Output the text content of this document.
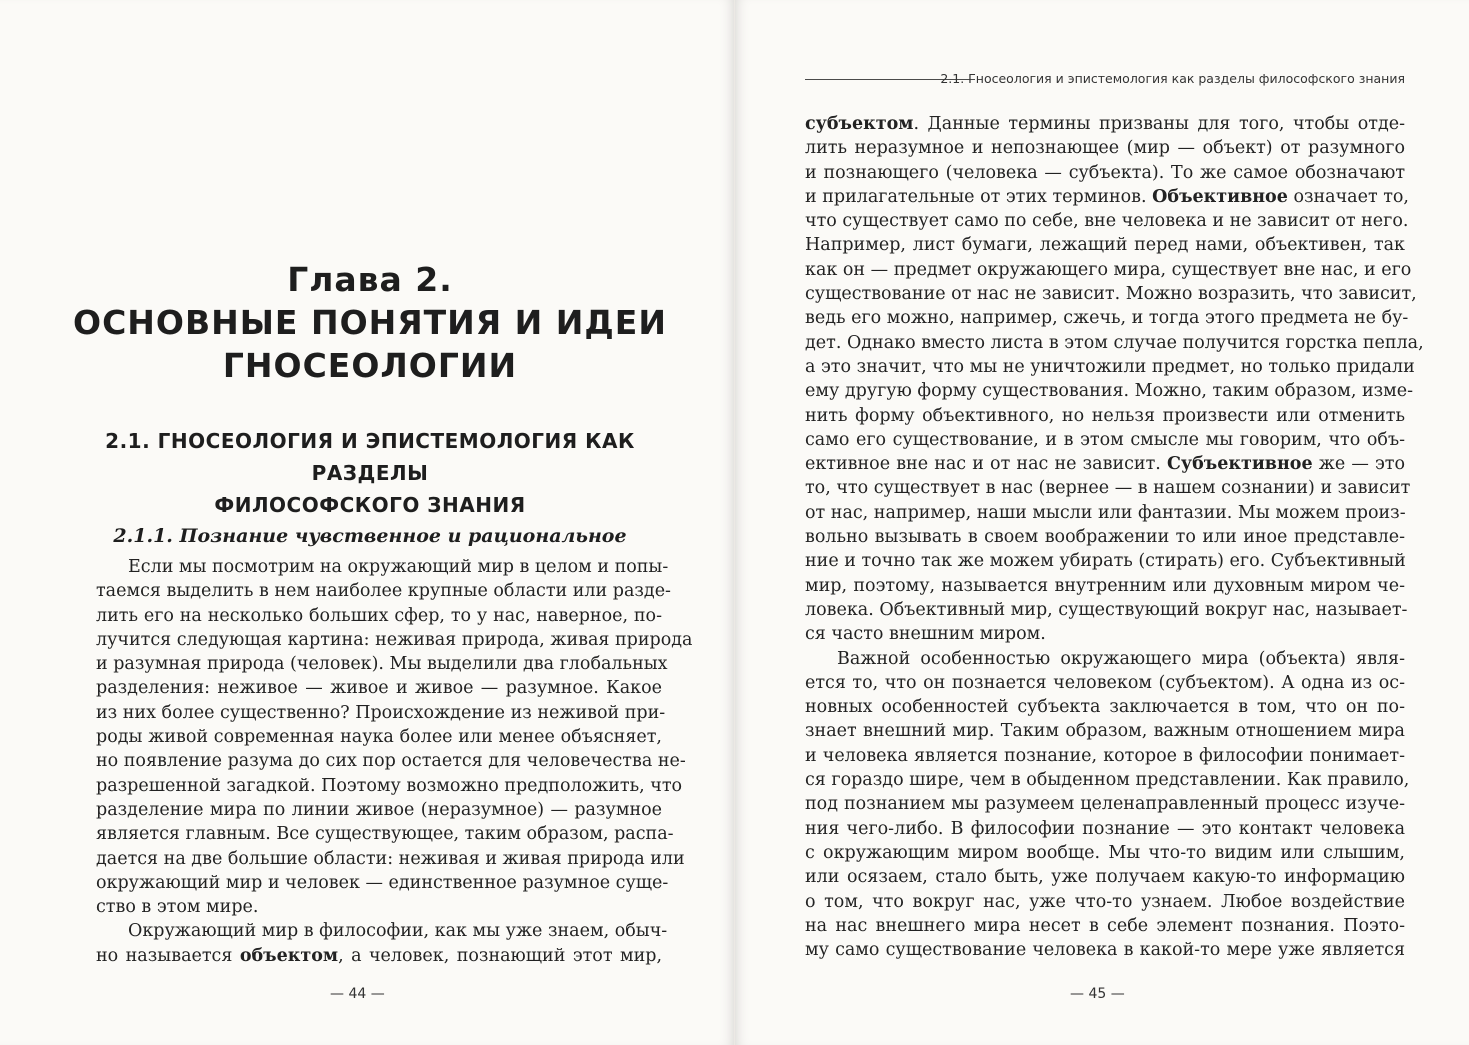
Глава 2.
ОСНОВНЫЕ ПОНЯТИЯ И ИДЕИ
ГНОСЕОЛОГИИ
2.1. ГНОСЕОЛОГИЯ И ЭПИСТЕМОЛОГИЯ КАК РАЗДЕЛЫ
ФИЛОСОФСКОГО ЗНАНИЯ
2.1.1. Познание чувственное и рациональное
Если мы посмотрим на окружающий мир в целом и попы-
таемся выделить в нем наиболее крупные области или разде-
лить его на несколько больших сфер, то у нас, наверное, по-
лучится следующая картина: неживая природа, живая природа
и разумная природа (человек). Мы выделили два глобальных
разделения: неживое — живое и живое — разумное. Какое
из них более существенно? Происхождение из неживой при-
роды живой современная наука более или менее объясняет,
но появление разума до сих пор остается для человечества не-
разрешенной загадкой. Поэтому возможно предположить, что
разделение мира по линии живое (неразумное) — разумное
является главным. Все существующее, таким образом, распа-
дается на две большие области: неживая и живая природа или
окружающий мир и человек — единственное разумное суще-
ство в этом мире.
Окружающий мир в философии, как мы уже знаем, обыч-
но называется объектом, а человек, познающий этот мир,
— 44 —
2.1. Гносеология и эпистемология как разделы философского знания
субъектом. Данные термины призваны для того, чтобы отде-
лить неразумное и непознающее (мир — объект) от разумного
и познающего (человека — субъекта). То же самое обозначают
и прилагательные от этих терминов. Объективное означает то,
что существует само по себе, вне человека и не зависит от него.
Например, лист бумаги, лежащий перед нами, объективен, так
как он — предмет окружающего мира, существует вне нас, и его
существование от нас не зависит. Можно возразить, что зависит,
ведь его можно, например, сжечь, и тогда этого предмета не бу-
дет. Однако вместо листа в этом случае получится горстка пепла,
а это значит, что мы не уничтожили предмет, но только придали
ему другую форму существования. Можно, таким образом, изме-
нить форму объективного, но нельзя произвести или отменить
само его существование, и в этом смысле мы говорим, что объ-
ективное вне нас и от нас не зависит. Субъективное же — это
то, что существует в нас (вернее — в нашем сознании) и зависит
от нас, например, наши мысли или фантазии. Мы можем произ-
вольно вызывать в своем воображении то или иное представле-
ние и точно так же можем убирать (стирать) его. Субъективный
мир, поэтому, называется внутренним или духовным миром че-
ловека. Объективный мир, существующий вокруг нас, называет-
ся часто внешним миром.
Важной особенностью окружающего мира (объекта) явля-
ется то, что он познается человеком (субъектом). А одна из ос-
новных особенностей субъекта заключается в том, что он по-
знает внешний мир. Таким образом, важным отношением мира
и человека является познание, которое в философии понимает-
ся гораздо шире, чем в обыденном представлении. Как правило,
под познанием мы разумеем целенаправленный процесс изуче-
ния чего-либо. В философии познание — это контакт человека
с окружающим миром вообще. Мы что-то видим или слышим,
или осязаем, стало быть, уже получаем какую-то информацию
о том, что вокруг нас, уже что-то узнаем. Любое воздействие
на нас внешнего мира несет в себе элемент познания. Поэто-
му само существование человека в какой-то мере уже является
— 45 —
